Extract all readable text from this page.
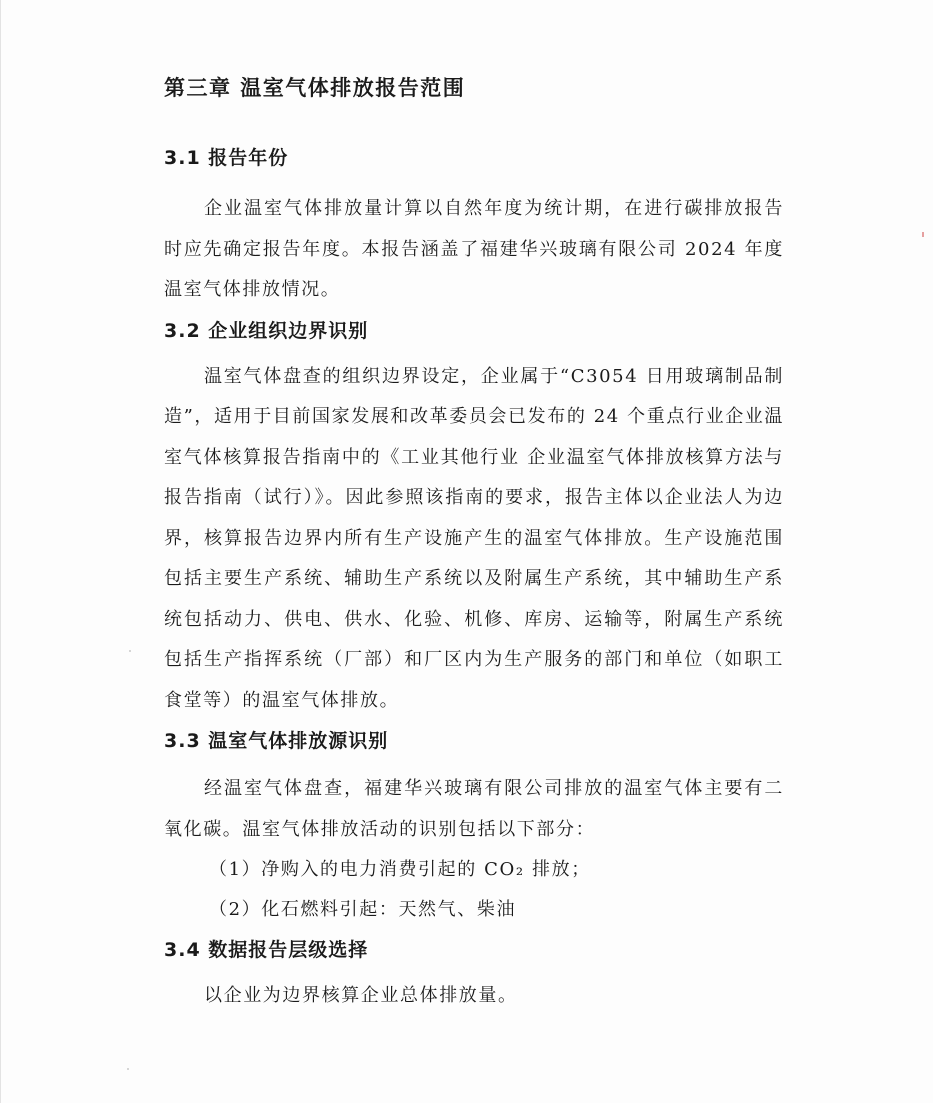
第三章 温室气体排放报告范围
3.1 报告年份

企业温室气体排放量计算以自然年度为统计期，在进行碳排放报告时应先确定报告年度。本报告涵盖了福建华兴玻璃有限公司 2024 年度温室气体排放情况。

3.2 企业组织边界识别

温室气体盘查的组织边界设定，企业属于“C3054 日用玻璃制品制造”，适用于目前国家发展和改革委员会已发布的 24 个重点行业企业温室气体核算报告指南中的《工业其他行业 企业温室气体排放核算方法与报告指南（试行）》。因此参照该指南的要求，报告主体以企业法人为边界，核算报告边界内所有生产设施产生的温室气体排放。生产设施范围包括主要生产系统、辅助生产系统以及附属生产系统，其中辅助生产系统包括动力、供电、供水、化验、机修、库房、运输等，附属生产系统包括生产指挥系统（厂部）和厂区内为生产服务的部门和单位（如职工食堂等）的温室气体排放。

3.3 温室气体排放源识别

经温室气体盘查，福建华兴玻璃有限公司排放的温室气体主要有二氧化碳。温室气体排放活动的识别包括以下部分：

（1）净购入的电力消费引起的 CO₂ 排放；

（2）化石燃料引起：天然气、柴油

3.4 数据报告层级选择

以企业为边界核算企业总体排放量。
